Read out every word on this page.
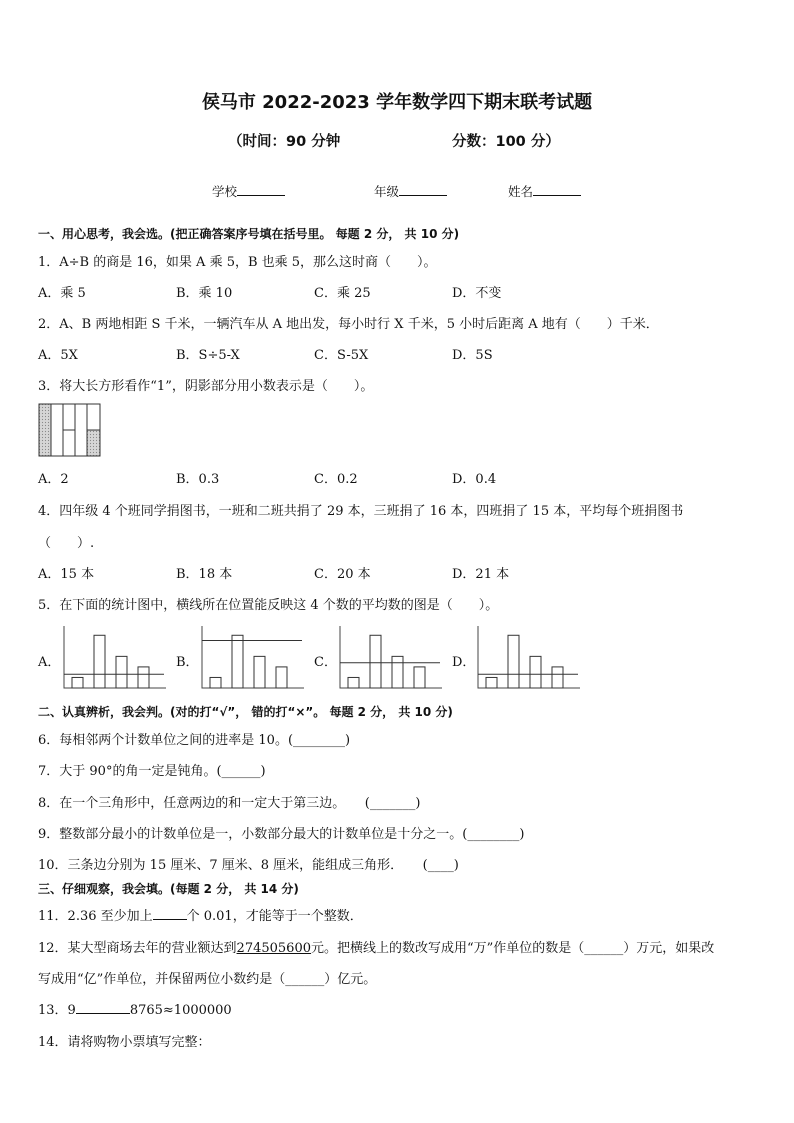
侯马市 2022-2023 学年数学四下期末联考试题
（时间：90 分钟	分数：100 分）
学校	年级	姓名
一、用心思考，我会选。(把正确答案序号填在括号里。 每题 2 分， 共 10 分)
1．A÷B 的商是 16，如果 A 乘 5，B 也乘 5，那么这时商（　　）。
A．乘 5	B．乘 10	C．乘 25	D．不变
2．A、B 两地相距 S 千米，一辆汽车从 A 地出发，每小时行 X 千米，5 小时后距离 A 地有（　　）千米．
A．5X	B．S÷5-X	C．S-5X	D．5S
3．将大长方形看作“1”，阴影部分用小数表示是（　　）。
A．2	B．0.3	C．0.2	D．0.4
4．四年级 4 个班同学捐图书，一班和二班共捐了 29 本，三班捐了 16 本，四班捐了 15 本，平均每个班捐图书
（　　）.
A．15 本	B．18 本	C．20 本	D．21 本
5．在下面的统计图中，横线所在位置能反映这 4 个数的平均数的图是（　　）。
A．	B．	C．	D．
二、认真辨析，我会判。(对的打“√”， 错的打“×”。 每题 2 分， 共 10 分)
6．每相邻两个计数单位之间的进率是 10。(________)
7．大于 90°的角一定是钝角。(______)
8．在一个三角形中，任意两边的和一定大于第三边。　　(_______)
9．整数部分最小的计数单位是一，小数部分最大的计数单位是十分之一。(________)
10．三条边分别为 15 厘米、7 厘米、8 厘米，能组成三角形．　　(____)
三、仔细观察，我会填。(每题 2 分， 共 14 分)
11．2.36 至少加上	个 0.01，才能等于一个整数．
12．某大型商场去年的营业额达到274505600元。把横线上的数改写成用“万”作单位的数是（______）万元，如果改
写成用“亿”作单位，并保留两位小数约是（______）亿元。
13．9	8765≈1000000
14．请将购物小票填写完整：
